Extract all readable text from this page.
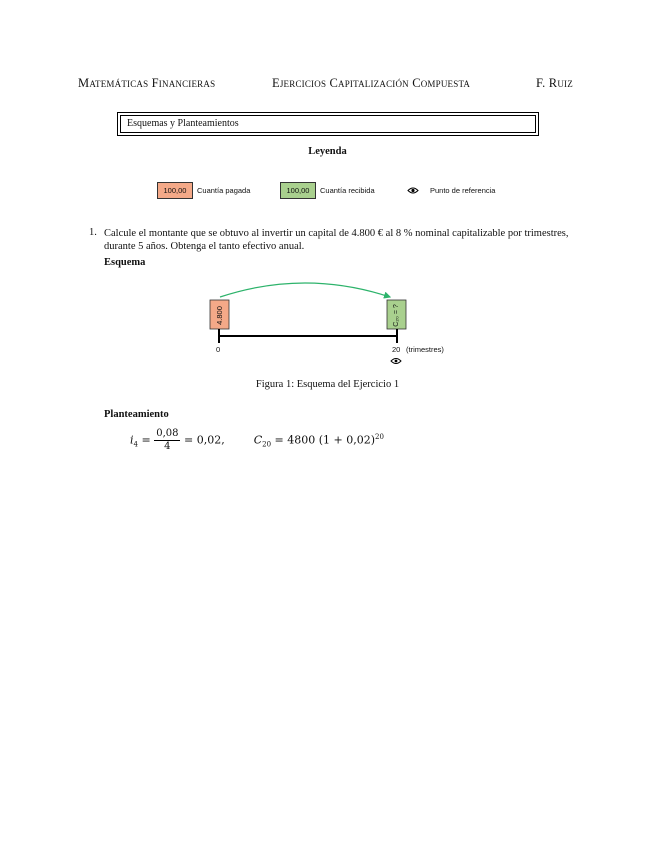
Matemáticas Financieras	Ejercicios Capitalización Compuesta	F. Ruiz
Esquemas y Planteamientos
Leyenda
100,00	Cuantía pagada	100,00	Cuantía recibida	Punto de referencia
1. Calcule el montante que se obtuvo al invertir un capital de 4.800 € al 8 % nominal capitalizable por trimestres, durante 5 años. Obtenga el tanto efectivo anual.
Esquema
4.800	C₂₀ = ?
0	20 (trimestres)
Figura 1: Esquema del Ejercicio 1
Planteamiento
$i_4 = \frac{0,08}{4} = 0,02$,	$C_{20} = 4800$ $(1 + 0,02)^{20}$
